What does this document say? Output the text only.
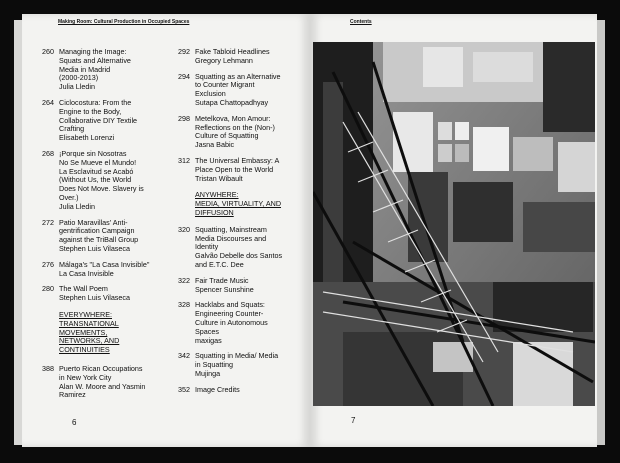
Making Room: Cultural Production in Occupied Spaces
260 Managing the Image:
Squats and Alternative
Media in Madrid
(2000-2013)
Julia Lledin
264 Ciclocostura: From the
Engine to the Body,
Collaborative DIY Textile
Crafting
Elisabeth Lorenzi
268 ¡Porque sin Nosotras
No Se Mueve el Mundo!
La Esclavitud se Acabó
(Without Us, the World
Does Not Move. Slavery is
Over.)
Julia Lledin
272 Patio Maravillas' Anti-
gentrification Campaign
against the TriBall Group
Stephen Luis Vilaseca
276 Málaga's "La Casa Invisible"
La Casa Invisible
280 The Wall Poem
Stephen Luis Vilaseca
EVERYWHERE:
TRANSNATIONAL
MOVEMENTS,
NETWORKS, AND
CONTINUITIES
388 Puerto Rican Occupations
in New York City
Alan W. Moore and Yasmin
Ramirez
292 Fake Tabloid Headlines
Gregory Lehmann
294 Squatting as an Alternative
to Counter Migrant
Exclusion
Sutapa Chattopadhyay
298 Metelkova, Mon Amour:
Reflections on the (Non-)
Culture of Squatting
Jasna Babic
312 The Universal Embassy: A
Place Open to the World
Tristan Wibault
ANYWHERE:
MEDIA, VIRTUALITY, AND
DIFFUSION
320 Squatting, Mainstream
Media Discourses and
Identity
Galvão Debelle dos Santos
and E.T.C. Dee
322 Fair Trade Music
Spencer Sunshine
328 Hacklabs and Squats:
Engineering Counter-
Culture in Autonomous
Spaces
maxigas
342 Squatting in Media/ Media
in Squatting
Mujinga
352 Image Credits
6
Contents
7
